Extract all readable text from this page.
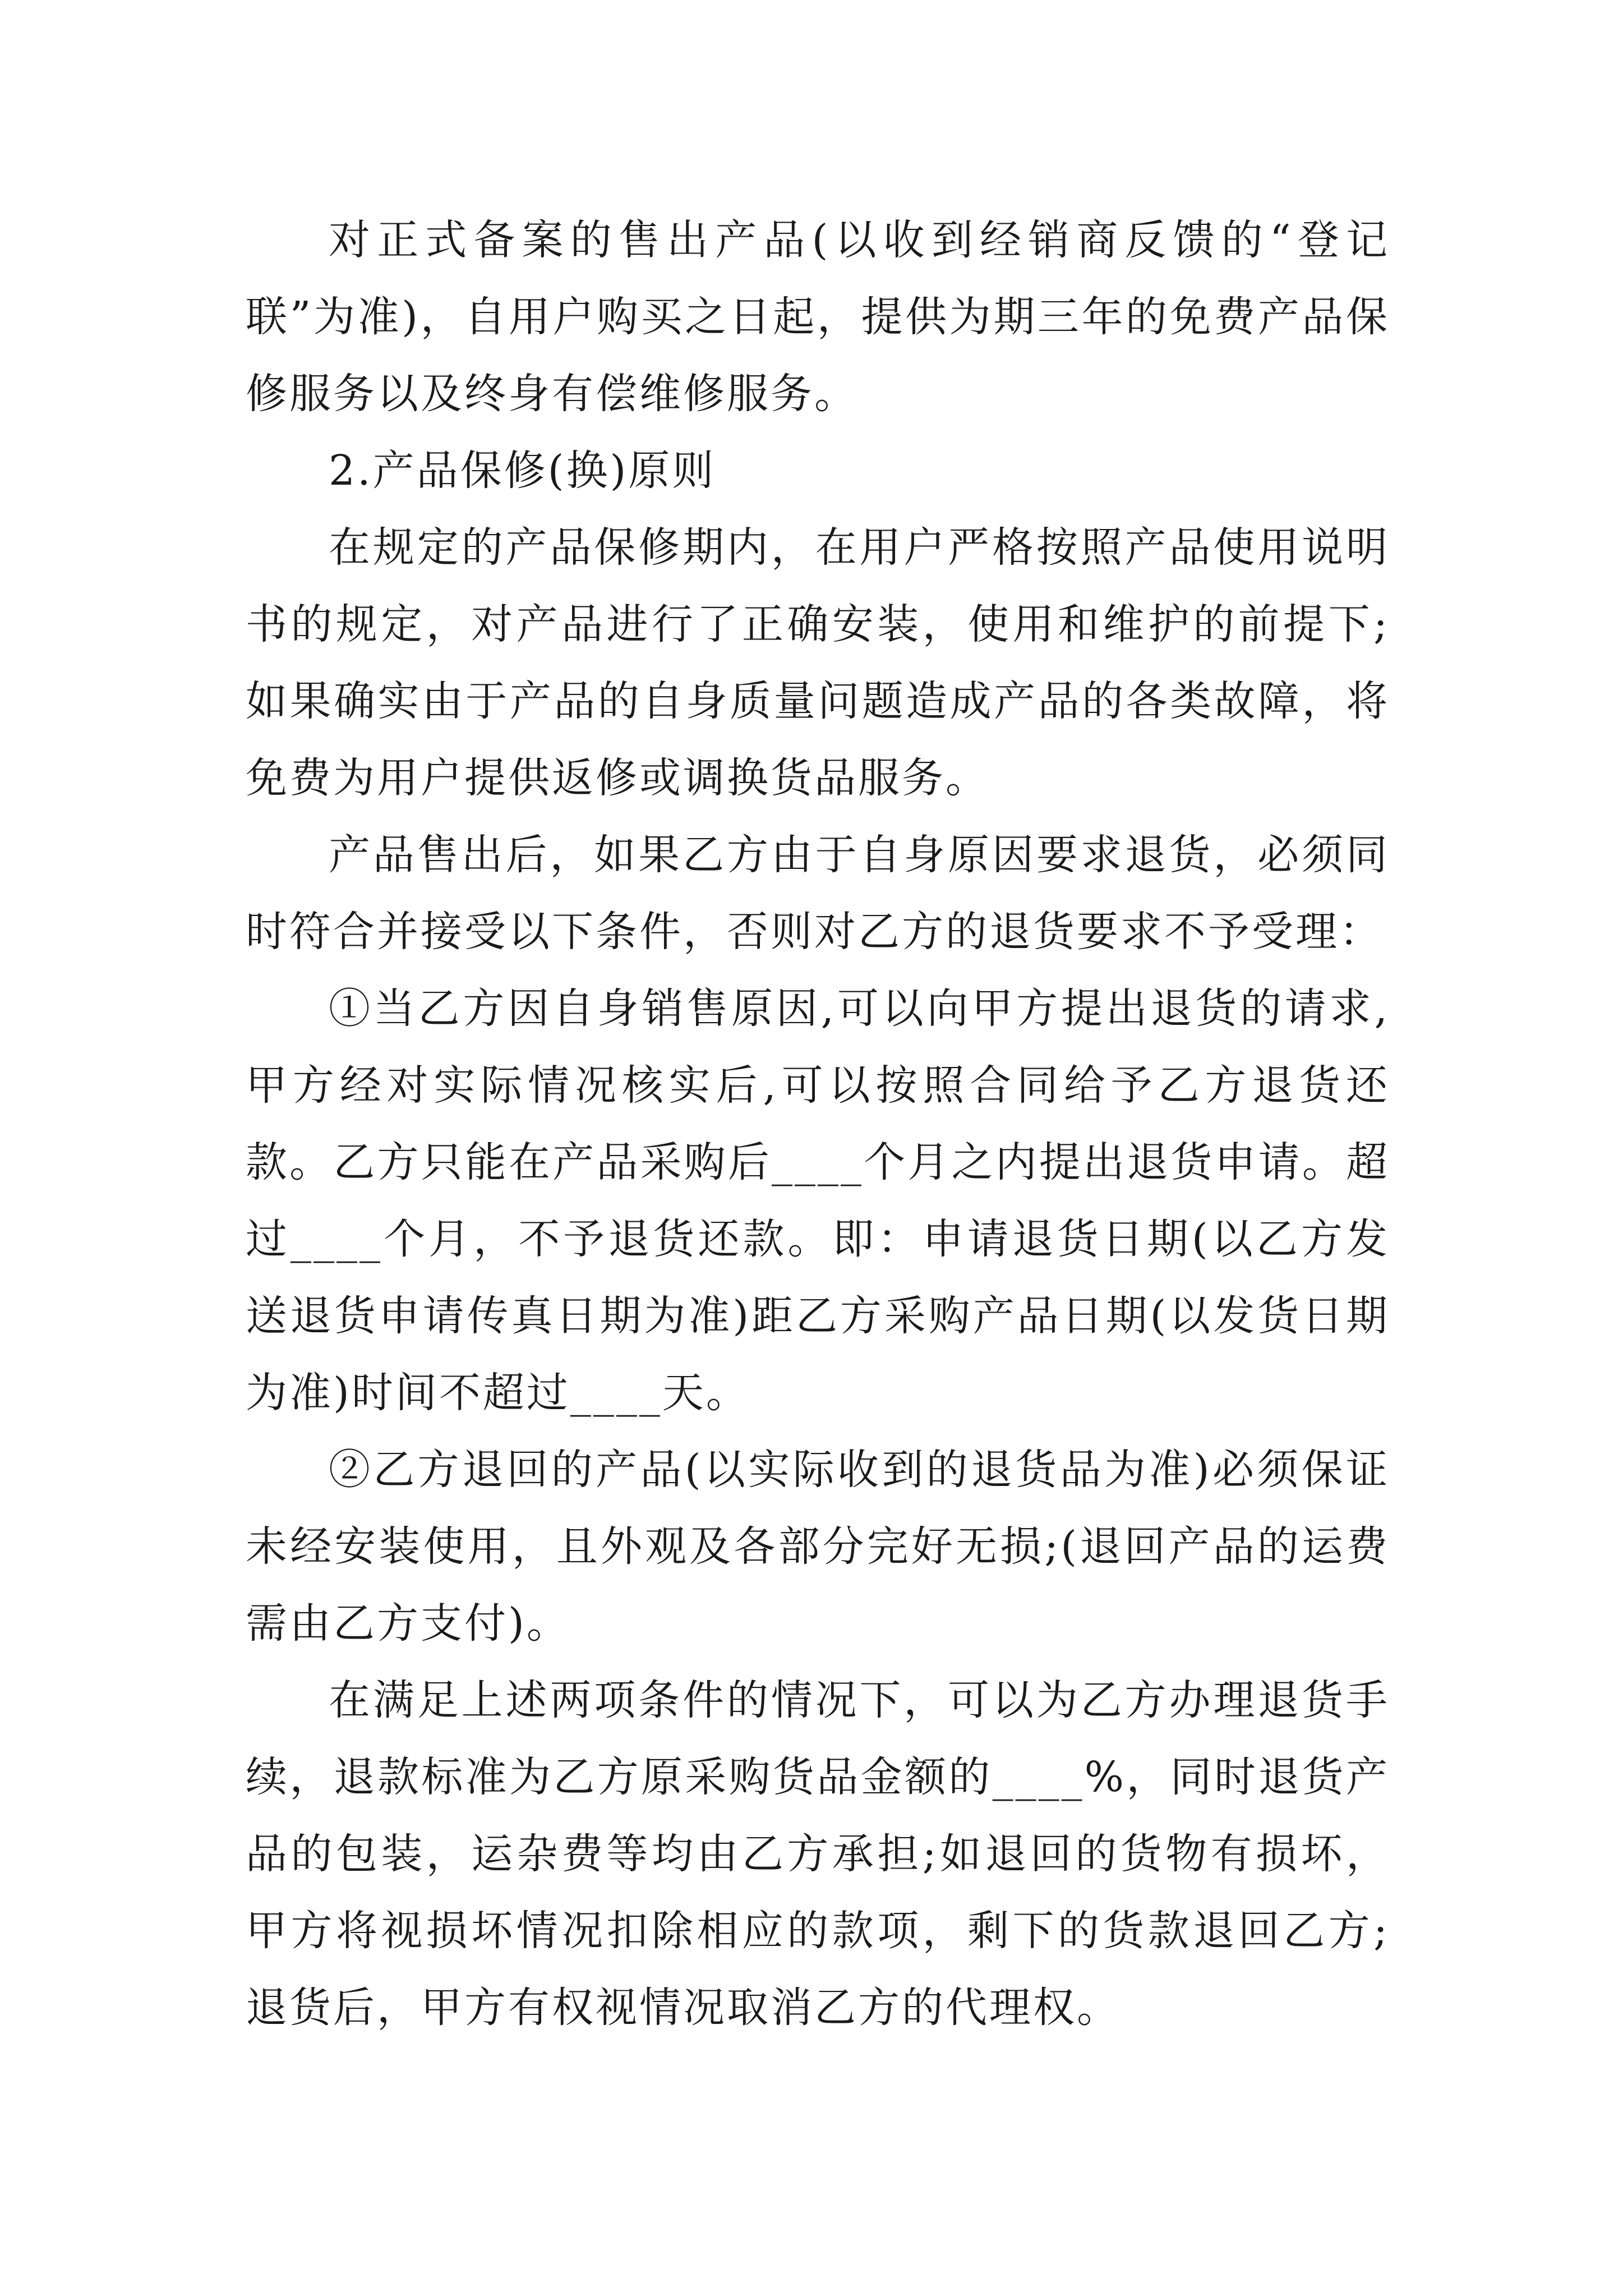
对正式备案的售出产品(以收到经销商反馈的“登记联”为准)，自用户购买之日起，提供为期三年的免费产品保修服务以及终身有偿维修服务。

2.产品保修(换)原则

在规定的产品保修期内，在用户严格按照产品使用说明书的规定，对产品进行了正确安装，使用和维护的前提下;如果确实由于产品的自身质量问题造成产品的各类故障，将免费为用户提供返修或调换货品服务。

产品售出后，如果乙方由于自身原因要求退货，必须同时符合并接受以下条件，否则对乙方的退货要求不予受理：

①当乙方因自身销售原因,可以向甲方提出退货的请求,甲方经对实际情况核实后,可以按照合同给予乙方退货还款。乙方只能在产品采购后____个月之内提出退货申请。超过____个月，不予退货还款。即：申请退货日期(以乙方发送退货申请传真日期为准)距乙方采购产品日期(以发货日期为准)时间不超过____天。

②乙方退回的产品(以实际收到的退货品为准)必须保证未经安装使用，且外观及各部分完好无损;(退回产品的运费需由乙方支付)。

在满足上述两项条件的情况下，可以为乙方办理退货手续，退款标准为乙方原采购货品金额的____%，同时退货产品的包装，运杂费等均由乙方承担;如退回的货物有损坏，甲方将视损坏情况扣除相应的款项，剩下的货款退回乙方;退货后，甲方有权视情况取消乙方的代理权。
